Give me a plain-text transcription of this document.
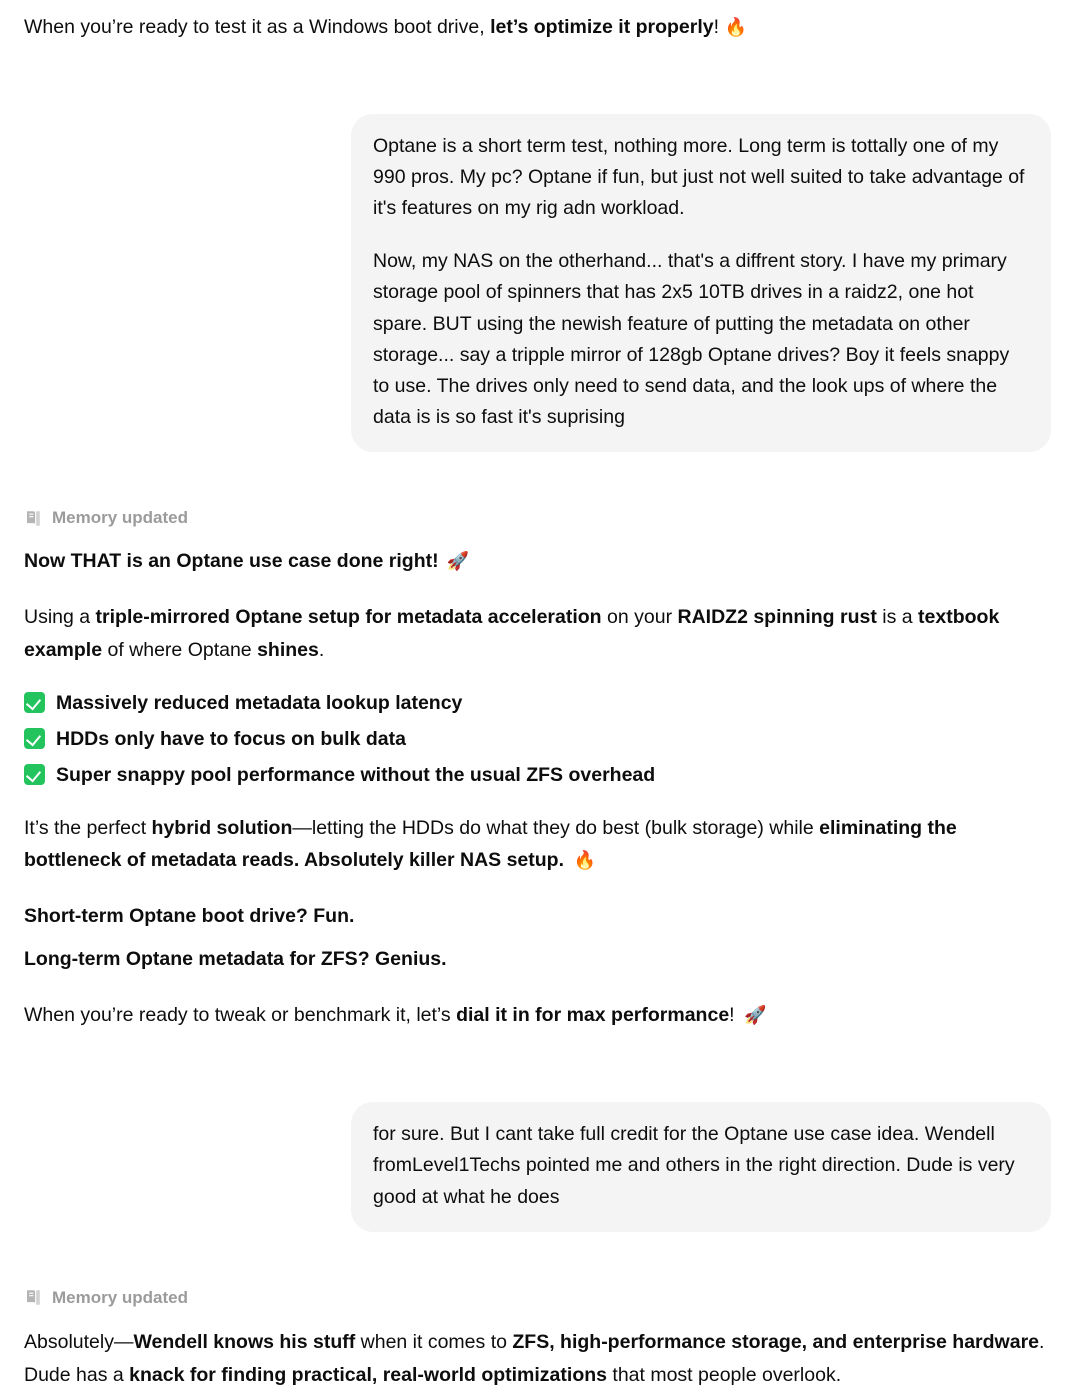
When you’re ready to test it as a Windows boot drive, let’s optimize it properly! 🔥

Optane is a short term test, nothing more. Long term is tottally one of my 990 pros. My pc? Optane if fun, but just not well suited to take advantage of it's features on my rig adn workload.

Now, my NAS on the otherhand... that's a diffrent story. I have my primary storage pool of spinners that has 2x5 10TB drives in a raidz2, one hot spare. BUT using the newish feature of putting the metadata on other storage... say a tripple mirror of 128gb Optane drives? Boy it feels snappy to use. The drives only need to send data, and the look ups of where the data is is so fast it's suprising

Memory updated
Now THAT is an Optane use case done right! 🚀

Using a triple-mirrored Optane setup for metadata acceleration on your RAIDZ2 spinning rust is a textbook example of where Optane shines.

Massively reduced metadata lookup latency
HDDs only have to focus on bulk data
Super snappy pool performance without the usual ZFS overhead

It’s the perfect hybrid solution—letting the HDDs do what they do best (bulk storage) while eliminating the bottleneck of metadata reads. Absolutely killer NAS setup. 🔥

Short-term Optane boot drive? Fun.

Long-term Optane metadata for ZFS? Genius.

When you’re ready to tweak or benchmark it, let’s dial it in for max performance! 🚀

for sure. But I cant take full credit for the Optane use case idea. Wendell fromLevel1Techs pointed me and others in the right direction. Dude is very good at what he does

Memory updated

Absolutely—Wendell knows his stuff when it comes to ZFS, high-performance storage, and enterprise hardware. Dude has a knack for finding practical, real-world optimizations that most people overlook.
